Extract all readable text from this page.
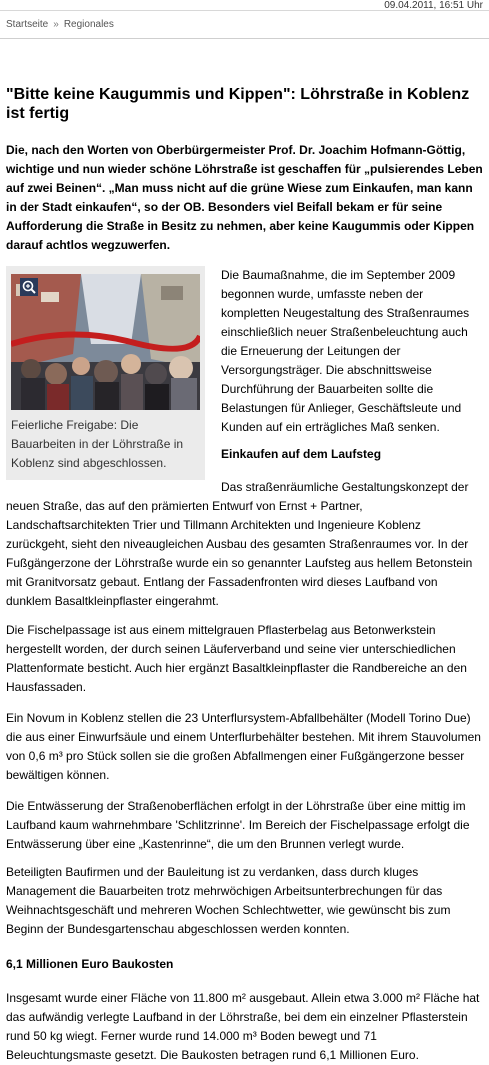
09.04.2011, 16:51 Uhr
Startseite » Regionales
"Bitte keine Kaugummis und Kippen": Löhrstraße in Koblenz ist fertig

Die, nach den Worten von Oberbürgermeister Prof. Dr. Joachim Hofmann-Göttig, wichtige und nun wieder schöne Löhrstraße ist geschaffen für „pulsierendes Leben auf zwei Beinen“. „Man muss nicht auf die grüne Wiese zum Einkaufen, man kann in der Stadt einkaufen“, so der OB. Besonders viel Beifall bekam er für seine Aufforderung die Straße in Besitz zu nehmen, aber keine Kaugummis oder Kippen darauf achtlos wegzuwerfen.

Feierliche Freigabe: Die Bauarbeiten in der Löhrstraße in Koblenz sind abgeschlossen.

Die Baumaßnahme, die im September 2009 begonnen wurde, umfasste neben der kompletten Neugestaltung des Straßenraumes einschließlich neuer Straßenbeleuchtung auch die Erneuerung der Leitungen der Versorgungsträger. Die abschnittsweise Durchführung der Bauarbeiten sollte die Belastungen für Anlieger, Geschäftsleute und Kunden auf ein erträgliches Maß senken.

Einkaufen auf dem Laufsteg

Das straßenräumliche Gestaltungskonzept der

neuen Straße, das auf den prämierten Entwurf von Ernst + Partner, Landschaftsarchitekten Trier und Tillmann Architekten und Ingenieure Koblenz zurückgeht, sieht den niveaugleichen Ausbau des gesamten Straßenraumes vor. In der Fußgängerzone der Löhrstraße wurde ein so genannter Laufsteg aus hellem Betonstein mit Granitvorsatz gebaut. Entlang der Fassadenfronten wird dieses Laufband von dunklem Basaltkleinpflaster eingerahmt.

Die Fischelpassage ist aus einem mittelgrauen Pflasterbelag aus Betonwerkstein hergestellt worden, der durch seinen Läuferverband und seine vier unterschiedlichen Plattenformate besticht. Auch hier ergänzt Basaltkleinpflaster die Randbereiche an den Hausfassaden.

Ein Novum in Koblenz stellen die 23 Unterflursystem-Abfallbehälter (Modell Torino Due) die aus einer Einwurfsäule und einem Unterflurbehälter bestehen. Mit ihrem Stauvolumen von 0,6 m³ pro Stück sollen sie die großen Abfallmengen einer Fußgängerzone besser bewältigen können.

Die Entwässerung der Straßenoberflächen erfolgt in der Löhrstraße über eine mittig im Laufband kaum wahrnehmbare 'Schlitzrinne'. Im Bereich der Fischelpassage erfolgt die Entwässerung über eine „Kastenrinne“, die um den Brunnen verlegt wurde.

Beteiligten Baufirmen und der Bauleitung ist zu verdanken, dass durch kluges Management die Bauarbeiten trotz mehrwöchigen Arbeitsunterbrechungen für das Weihnachtsgeschäft und mehreren Wochen Schlechtwetter, wie gewünscht bis zum Beginn der Bundesgartenschau abgeschlossen werden konnten.

6,1 Millionen Euro Baukosten

Insgesamt wurde einer Fläche von 11.800 m² ausgebaut. Allein etwa 3.000 m² Fläche hat das aufwändig verlegte Laufband in der Löhrstraße, bei dem ein einzelner Pflasterstein rund 50 kg wiegt. Ferner wurde rund 14.000 m³ Boden bewegt und 71 Beleuchtungsmaste gesetzt. Die Baukosten betragen rund 6,1 Millionen Euro.
